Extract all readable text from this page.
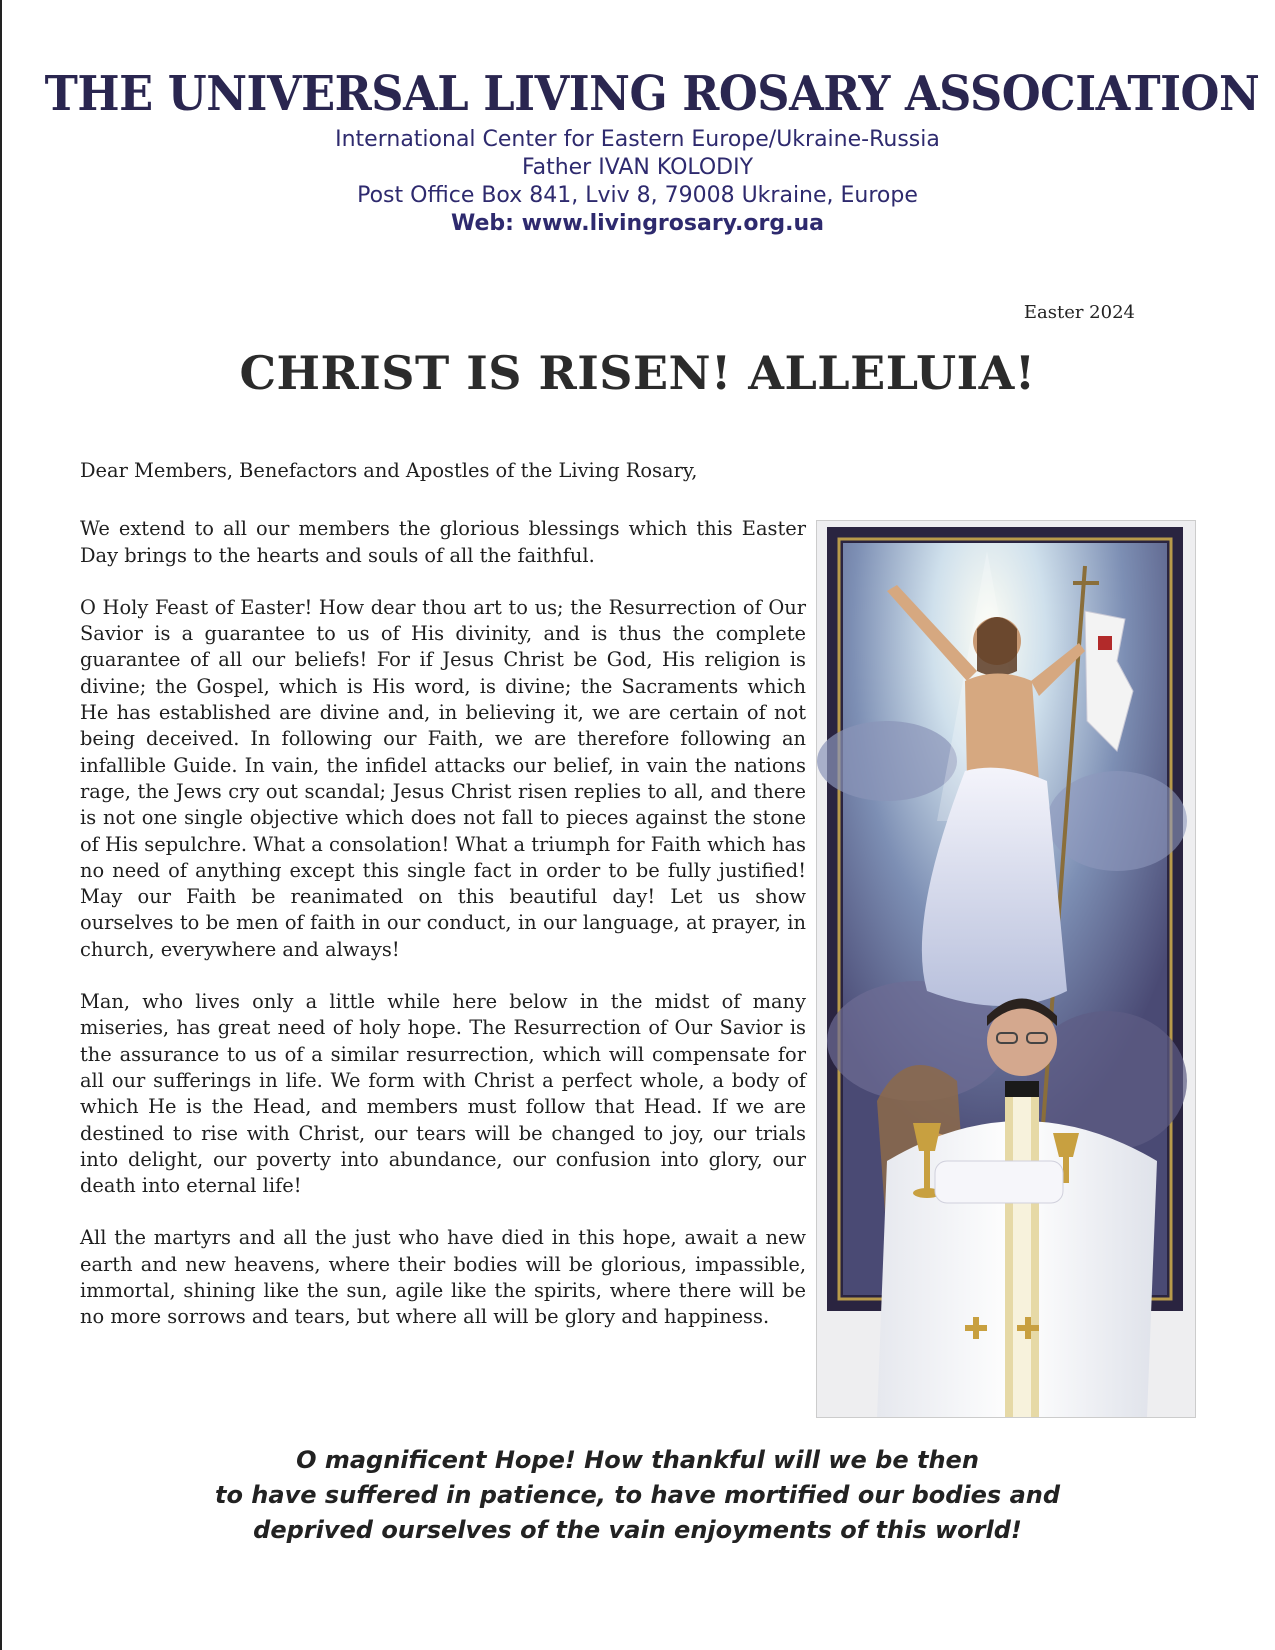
THE UNIVERSAL LIVING ROSARY ASSOCIATION

International Center for Eastern Europe/Ukraine-Russia

Father IVAN KOLODIY

Post Office Box 841, Lviv 8, 79008 Ukraine, Europe

Web: www.livingrosary.org.ua

Easter 2024
CHRIST IS RISEN! ALLELUIA!

Dear Members, Benefactors and Apostles of the Living Rosary,

We extend to all our members the glorious blessings which this Easter Day brings to the hearts and souls of all the faithful.

O Holy Feast of Easter! How dear thou art to us; the Resurrection of Our Savior is a guarantee to us of His divinity, and is thus the complete guarantee of all our beliefs! For if Jesus Christ be God, His religion is divine; the Gospel, which is His word, is divine; the Sacraments which He has established are divine and, in believing it, we are certain of not being deceived. In following our Faith, we are therefore following an infallible Guide. In vain, the infidel attacks our belief, in vain the nations rage, the Jews cry out scandal; Jesus Christ risen replies to all, and there is not one single objective which does not fall to pieces against the stone of His sepulchre. What a consolation! What a triumph for Faith which has no need of anything except this single fact in order to be fully justified! May our Faith be reanimated on this beautiful day! Let us show ourselves to be men of faith in our conduct, in our language, at prayer, in church, everywhere and always!

Man, who lives only a little while here below in the midst of many miseries, has great need of holy hope. The Resurrection of Our Savior is the assurance to us of a similar resurrection, which will compensate for all our sufferings in life. We form with Christ a perfect whole, a body of which He is the Head, and members must follow that Head. If we are destined to rise with Christ, our tears will be changed to joy, our trials into delight, our poverty into abundance, our confusion into glory, our death into eternal life!

All the martyrs and all the just who have died in this hope, await a new earth and new heavens, where their bodies will be glorious, impassible, immortal, shining like the sun, agile like the spirits, where there will be no more sorrows and tears, but where all will be glory and happiness.

O magnificent Hope! How thankful will we be then
to have suffered in patience, to have mortified our bodies and
deprived ourselves of the vain enjoyments of this world!
